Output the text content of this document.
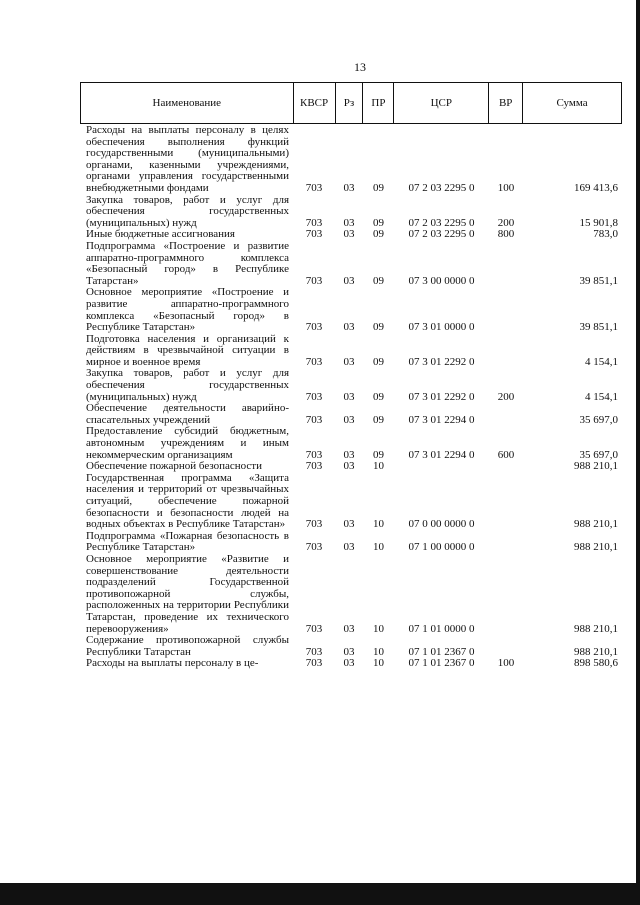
13
Наименование	КВСР	Рз	ПР	ЦСР	ВР	Сумма
Расходы на выплаты персоналу в целях обеспечения выполнения функций государственными (муниципальными) органами, казенными учреждениями, органами управления государственными внебюджетными фондами	703	03	09	07 2 03 2295 0	100	169 413,6
Закупка товаров, работ и услуг для обеспечения государственных (муниципальных) нужд	703	03	09	07 2 03 2295 0	200	15 901,8
Иные бюджетные ассигнования	703	03	09	07 2 03 2295 0	800	783,0
Подпрограмма «Построение и развитие аппаратно-программного комплекса «Безопасный город» в Республике Татарстан»	703	03	09	07 3 00 0000 0		39 851,1
Основное мероприятие «Построение и развитие аппаратно-программного комплекса «Безопасный город» в Республике Татарстан»	703	03	09	07 3 01 0000 0		39 851,1
Подготовка населения и организаций к действиям в чрезвычайной ситуации в мирное и военное время	703	03	09	07 3 01 2292 0		4 154,1
Закупка товаров, работ и услуг для обеспечения государственных (муниципальных) нужд	703	03	09	07 3 01 2292 0	200	4 154,1
Обеспечение деятельности аварийно-спасательных учреждений	703	03	09	07 3 01 2294 0		35 697,0
Предоставление субсидий бюджетным, автономным учреждениям и иным некоммерческим организациям	703	03	09	07 3 01 2294 0	600	35 697,0
Обеспечение пожарной безопасности	703	03	10			988 210,1
Государственная программа «Защита населения и территорий от чрезвычайных ситуаций, обеспечение пожарной безопасности и безопасности людей на водных объектах в Республике Татарстан»	703	03	10	07 0 00 0000 0		988 210,1
Подпрограмма «Пожарная безопасность в Республике Татарстан»	703	03	10	07 1 00 0000 0		988 210,1
Основное мероприятие «Развитие и совершенствование деятельности подразделений Государственной противопожарной службы, расположенных на территории Республики Татарстан, проведение их технического перевооружения»	703	03	10	07 1 01 0000 0		988 210,1
Содержание противопожарной службы Республики Татарстан	703	03	10	07 1 01 2367 0		988 210,1
Расходы на выплаты персоналу в це-	703	03	10	07 1 01 2367 0	100	898 580,6
